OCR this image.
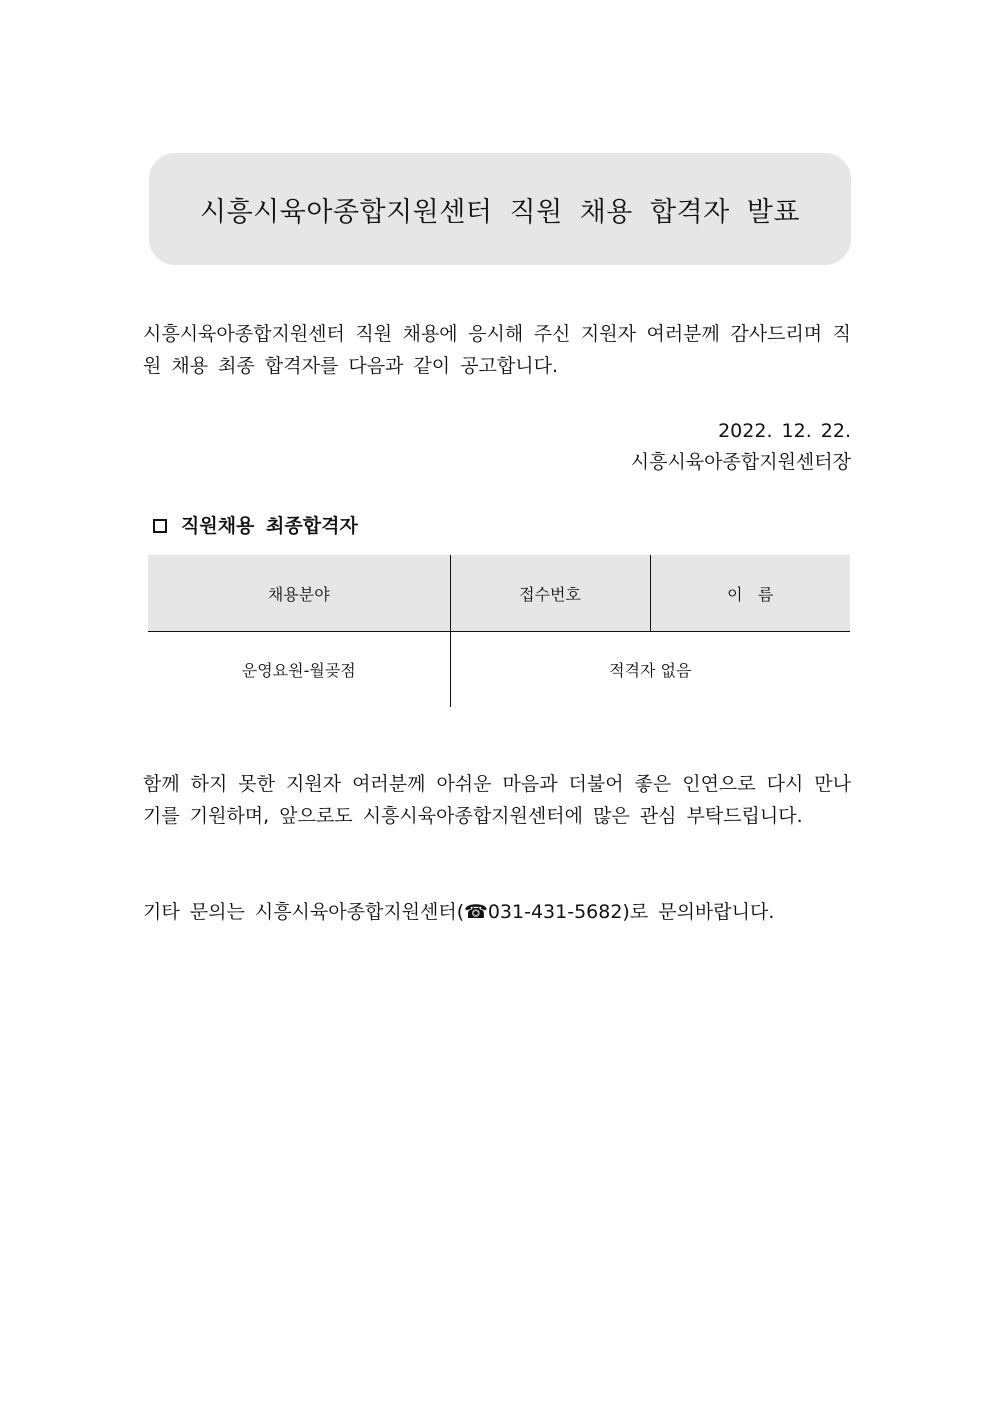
시흥시육아종합지원센터 직원 채용 합격자 발표

시흥시육아종합지원센터 직원 채용에 응시해 주신 지원자 여러분께 감사드리며 직원 채용 최종 합격자를 다음과 같이 공고합니다.

2022. 12. 22.
시흥시육아종합지원센터장
직원채용 최종합격자
채용분야	접수번호	이   름
운영요원-월곶점	적격자 없음	

함께 하지 못한 지원자 여러분께 아쉬운 마음과 더불어 좋은 인연으로 다시 만나기를 기원하며, 앞으로도 시흥시육아종합지원센터에 많은 관심 부탁드립니다.

기타 문의는 시흥시육아종합지원센터(☎031-431-5682)로 문의바랍니다.
